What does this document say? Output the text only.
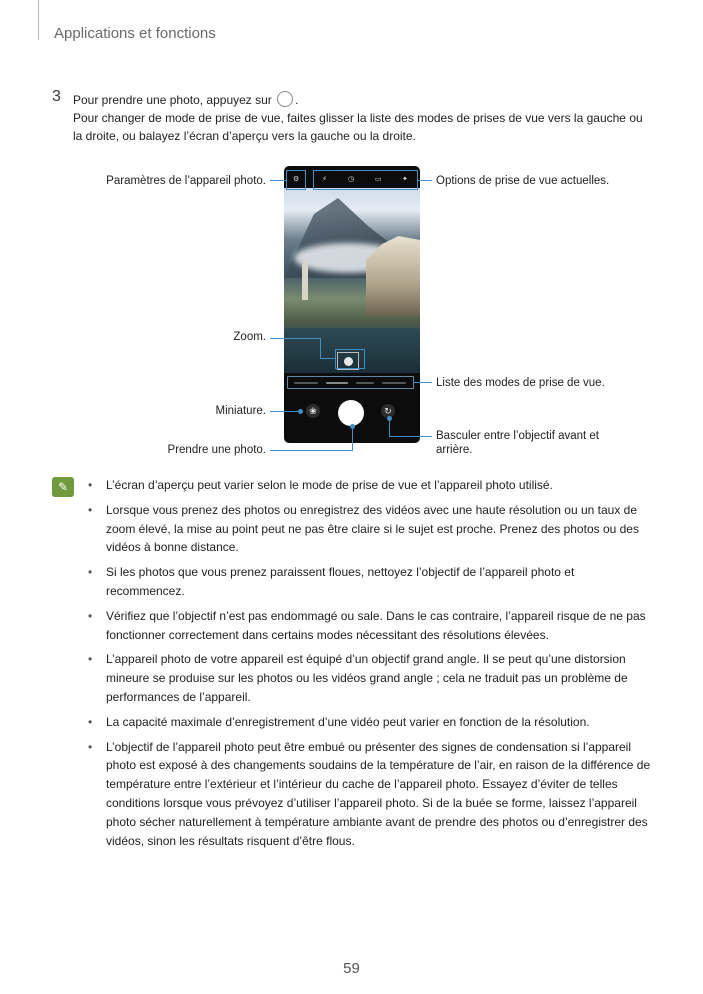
Applications et fonctions
3 Pour prendre une photo, appuyez sur .
Pour changer de mode de prise de vue, faites glisser la liste des modes de prises de vue vers la gauche ou la droite, ou balayez l’écran d’aperçu vers la gauche ou la droite.
⚙	⚡	◷	▭	✦
❀	↻
Paramètres de l’appareil photo.	Options de prise de vue actuelles.
Zoom.
Liste des modes de prise de vue.
Miniature.
Prendre une photo.
Basculer entre l’objectif avant et
arrière.
✎	• L’écran d’aperçu peut varier selon le mode de prise de vue et l’appareil photo utilisé.
• Lorsque vous prenez des photos ou enregistrez des vidéos avec une haute résolution ou un taux de zoom élevé, la mise au point peut ne pas être claire si le sujet est proche. Prenez des photos ou des vidéos à bonne distance.
• Si les photos que vous prenez paraissent floues, nettoyez l’objectif de l’appareil photo et recommencez.
• Vérifiez que l’objectif n’est pas endommagé ou sale. Dans le cas contraire, l’appareil risque de ne pas fonctionner correctement dans certains modes nécessitant des résolutions élevées.
• L’appareil photo de votre appareil est équipé d’un objectif grand angle. Il se peut qu’une distorsion mineure se produise sur les photos ou les vidéos grand angle ; cela ne traduit pas un problème de performances de l’appareil.
• La capacité maximale d’enregistrement d’une vidéo peut varier en fonction de la résolution.
• L’objectif de l’appareil photo peut être embué ou présenter des signes de condensation si l’appareil photo est exposé à des changements soudains de la température de l’air, en raison de la différence de température entre l’extérieur et l’intérieur du cache de l’appareil photo. Essayez d’éviter de telles conditions lorsque vous prévoyez d’utiliser l’appareil photo. Si de la buée se forme, laissez l’appareil photo sécher naturellement à température ambiante avant de prendre des photos ou d’enregistrer des vidéos, sinon les résultats risquent d’être flous.
59
